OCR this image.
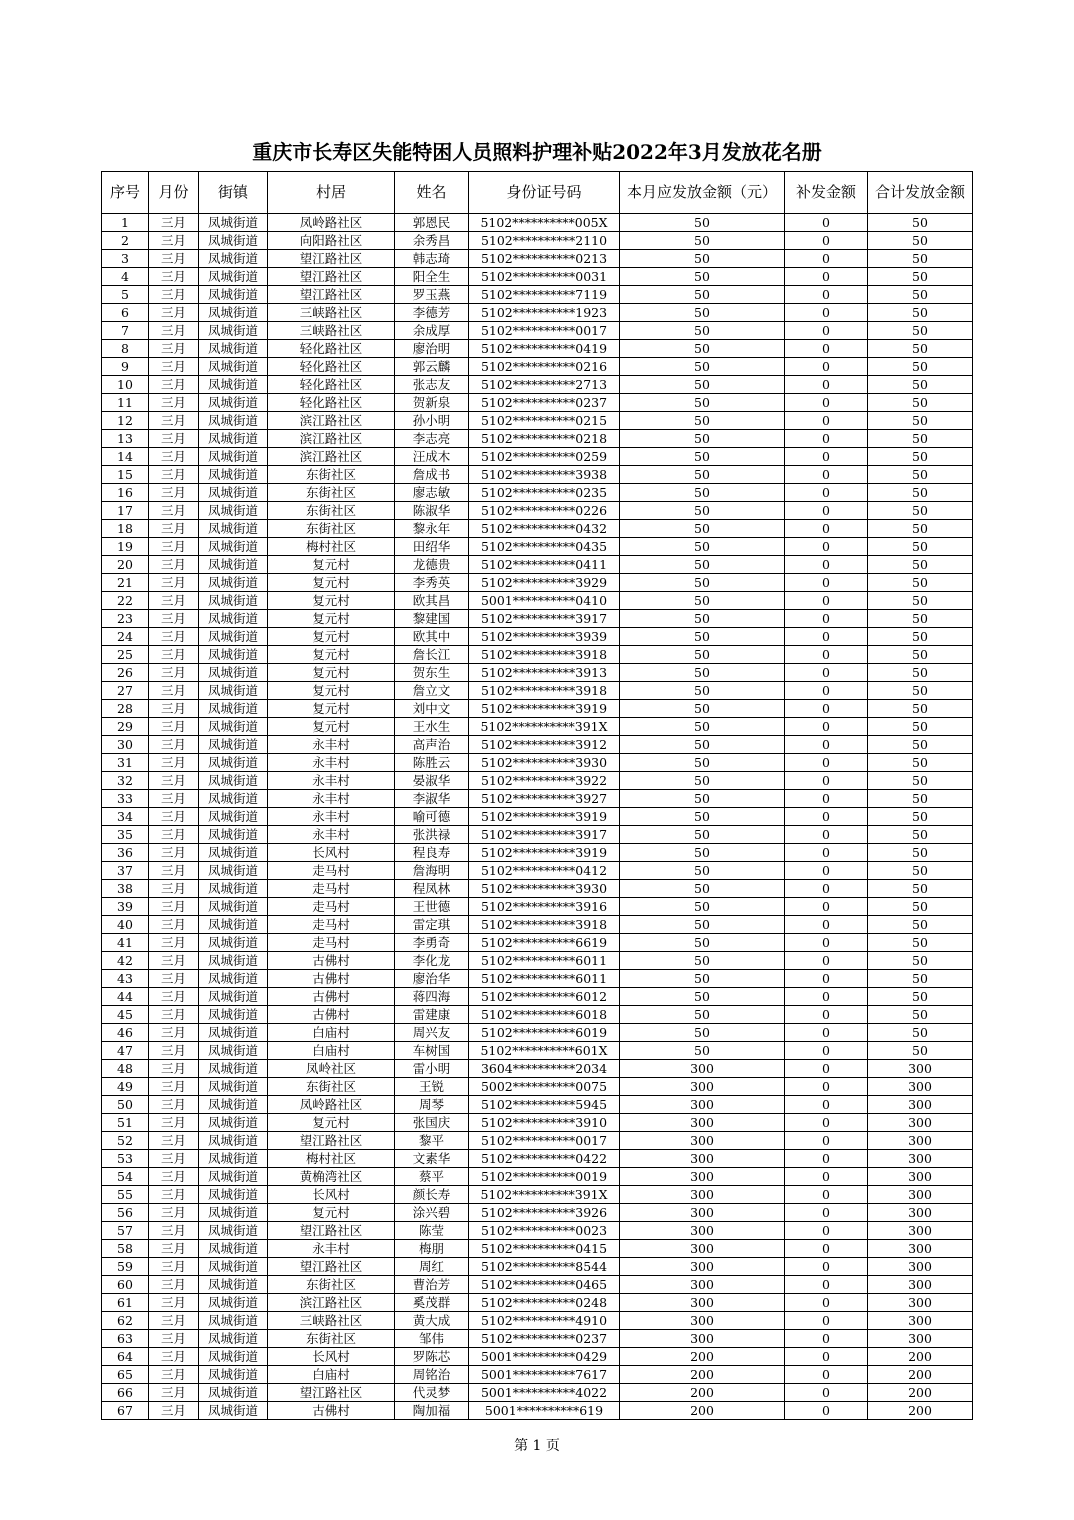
重庆市长寿区失能特困人员照料护理补贴2022年3月发放花名册
序号	月份	街镇	村居	姓名	身份证号码	本月应发放金额（元）	补发金额	合计发放金额
1	三月	凤城街道	凤岭路社区	郭恩民	5102**********005X	50	0	50
2	三月	凤城街道	向阳路社区	余秀昌	5102**********2110	50	0	50
3	三月	凤城街道	望江路社区	韩志琦	5102**********0213	50	0	50
4	三月	凤城街道	望江路社区	阳全生	5102**********0031	50	0	50
5	三月	凤城街道	望江路社区	罗玉燕	5102**********7119	50	0	50
6	三月	凤城街道	三峡路社区	李德芳	5102**********1923	50	0	50
7	三月	凤城街道	三峡路社区	余成厚	5102**********0017	50	0	50
8	三月	凤城街道	轻化路社区	廖治明	5102**********0419	50	0	50
9	三月	凤城街道	轻化路社区	郭云麟	5102**********0216	50	0	50
10	三月	凤城街道	轻化路社区	张志友	5102**********2713	50	0	50
11	三月	凤城街道	轻化路社区	贺新泉	5102**********0237	50	0	50
12	三月	凤城街道	滨江路社区	孙小明	5102**********0215	50	0	50
13	三月	凤城街道	滨江路社区	李志亮	5102**********0218	50	0	50
14	三月	凤城街道	滨江路社区	汪成木	5102**********0259	50	0	50
15	三月	凤城街道	东街社区	詹成书	5102**********3938	50	0	50
16	三月	凤城街道	东街社区	廖志敏	5102**********0235	50	0	50
17	三月	凤城街道	东街社区	陈淑华	5102**********0226	50	0	50
18	三月	凤城街道	东街社区	黎永年	5102**********0432	50	0	50
19	三月	凤城街道	梅村社区	田绍华	5102**********0435	50	0	50
20	三月	凤城街道	复元村	龙德贵	5102**********0411	50	0	50
21	三月	凤城街道	复元村	李秀英	5102**********3929	50	0	50
22	三月	凤城街道	复元村	欧其昌	5001**********0410	50	0	50
23	三月	凤城街道	复元村	黎建国	5102**********3917	50	0	50
24	三月	凤城街道	复元村	欧其中	5102**********3939	50	0	50
25	三月	凤城街道	复元村	詹长江	5102**********3918	50	0	50
26	三月	凤城街道	复元村	贺东生	5102**********3913	50	0	50
27	三月	凤城街道	复元村	詹立文	5102**********3918	50	0	50
28	三月	凤城街道	复元村	刘中文	5102**********3919	50	0	50
29	三月	凤城街道	复元村	王水生	5102**********391X	50	0	50
30	三月	凤城街道	永丰村	高声治	5102**********3912	50	0	50
31	三月	凤城街道	永丰村	陈胜云	5102**********3930	50	0	50
32	三月	凤城街道	永丰村	晏淑华	5102**********3922	50	0	50
33	三月	凤城街道	永丰村	李淑华	5102**********3927	50	0	50
34	三月	凤城街道	永丰村	喻可德	5102**********3919	50	0	50
35	三月	凤城街道	永丰村	张洪禄	5102**********3917	50	0	50
36	三月	凤城街道	长风村	程良寿	5102**********3919	50	0	50
37	三月	凤城街道	走马村	詹海明	5102**********0412	50	0	50
38	三月	凤城街道	走马村	程凤林	5102**********3930	50	0	50
39	三月	凤城街道	走马村	王世德	5102**********3916	50	0	50
40	三月	凤城街道	走马村	雷定琪	5102**********3918	50	0	50
41	三月	凤城街道	走马村	李勇奇	5102**********6619	50	0	50
42	三月	凤城街道	古佛村	李化龙	5102**********6011	50	0	50
43	三月	凤城街道	古佛村	廖治华	5102**********6011	50	0	50
44	三月	凤城街道	古佛村	蒋四海	5102**********6012	50	0	50
45	三月	凤城街道	古佛村	雷建康	5102**********6018	50	0	50
46	三月	凤城街道	白庙村	周兴友	5102**********6019	50	0	50
47	三月	凤城街道	白庙村	车树国	5102**********601X	50	0	50
48	三月	凤城街道	凤岭社区	雷小明	3604**********2034	300	0	300
49	三月	凤城街道	东街社区	王锐	5002**********0075	300	0	300
50	三月	凤城街道	凤岭路社区	周琴	5102**********5945	300	0	300
51	三月	凤城街道	复元村	张国庆	5102**********3910	300	0	300
52	三月	凤城街道	望江路社区	黎平	5102**********0017	300	0	300
53	三月	凤城街道	梅村社区	文素华	5102**********0422	300	0	300
54	三月	凤城街道	黄桷湾社区	蔡平	5102**********0019	300	0	300
55	三月	凤城街道	长风村	颜长寿	5102**********391X	300	0	300
56	三月	凤城街道	复元村	涂兴碧	5102**********3926	300	0	300
57	三月	凤城街道	望江路社区	陈莹	5102**********0023	300	0	300
58	三月	凤城街道	永丰村	梅朋	5102**********0415	300	0	300
59	三月	凤城街道	望江路社区	周红	5102**********8544	300	0	300
60	三月	凤城街道	东街社区	曹治芳	5102**********0465	300	0	300
61	三月	凤城街道	滨江路社区	奚茂群	5102**********0248	300	0	300
62	三月	凤城街道	三峡路社区	黄大成	5102**********4910	300	0	300
63	三月	凤城街道	东街社区	邹伟	5102**********0237	300	0	300
64	三月	凤城街道	长风村	罗陈芯	5001**********0429	200	0	200
65	三月	凤城街道	白庙村	周铭治	5001**********7617	200	0	200
66	三月	凤城街道	望江路社区	代灵梦	5001**********4022	200	0	200
67	三月	凤城街道	古佛村	陶加福	5001**********619	200	0	200
第 1 页
